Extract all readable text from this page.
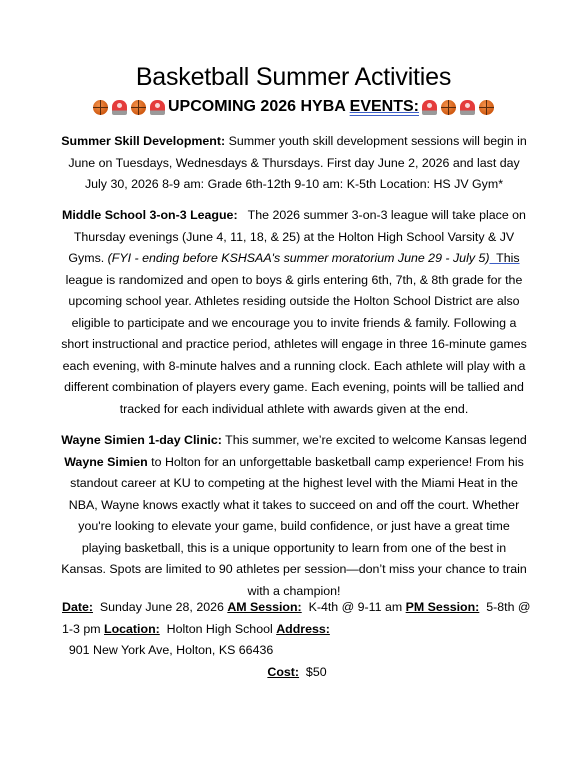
Basketball Summer Activities
UPCOMING 2026 HYBA EVENTS:
Summer Skill Development: Summer youth skill development sessions will begin in June on Tuesdays, Wednesdays & Thursdays. First day June 2, 2026 and last day July 30, 2026 8-9 am: Grade 6th-12th 9-10 am: K-5th Location: HS JV Gym*
Middle School 3-on-3 League:   The 2026 summer 3-on-3 league will take place on Thursday evenings (June 4, 11, 18, & 25) at the Holton High School Varsity & JV Gyms. (FYI - ending before KSHSAA's summer moratorium June 29 - July 5)  This league is randomized and open to boys & girls entering 6th, 7th, & 8th grade for the upcoming school year. Athletes residing outside the Holton School District are also eligible to participate and we encourage you to invite friends & family. Following a short instructional and practice period, athletes will engage in three 16-minute games each evening, with 8-minute halves and a running clock. Each athlete will play with a different combination of players every game. Each evening, points will be tallied and tracked for each individual athlete with awards given at the end.
Wayne Simien 1-day Clinic: This summer, we’re excited to welcome Kansas legend Wayne Simien to Holton for an unforgettable basketball camp experience! From his standout career at KU to competing at the highest level with the Miami Heat in the NBA, Wayne knows exactly what it takes to succeed on and off the court. Whether you're looking to elevate your game, build confidence, or just have a great time playing basketball, this is a unique opportunity to learn from one of the best in Kansas. Spots are limited to 90 athletes per session—don’t miss your chance to train with a champion!
Date:  Sunday June 28, 2026 AM Session:  K-4th @ 9-11 am PM Session:  5-8th @ 1-3 pm Location:  Holton High School Address:  901 New York Ave, Holton, KS 66436
Cost:  $50
